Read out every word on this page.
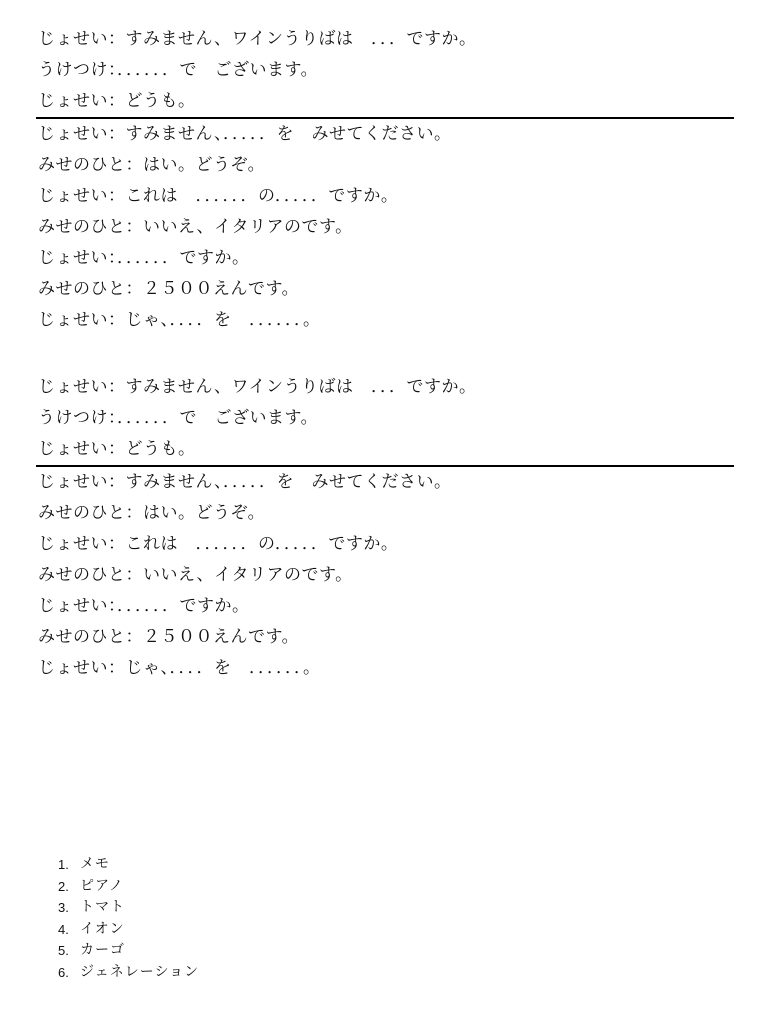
じょせい：すみません、ワインうりばは　．．．ですか。
うけつけ：．．．．．．で　ございます。
じょせい：どうも。
じょせい：すみません、．．．．．を　みせてください。
みせのひと：はい。どうぞ。
じょせい：これは　．．．．．．の．．．．．ですか。
みせのひと：いいえ、イタリアのです。
じょせい：．．．．．．ですか。
みせのひと：２５００えんです。
じょせい：じゃ、．．．．を　．．．．．．。
じょせい：すみません、ワインうりばは　．．．ですか。
うけつけ：．．．．．．で　ございます。
じょせい：どうも。
じょせい：すみません、．．．．．を　みせてください。
みせのひと：はい。どうぞ。
じょせい：これは　．．．．．．の．．．．．ですか。
みせのひと：いいえ、イタリアのです。
じょせい：．．．．．．ですか。
みせのひと：２５００えんです。
じょせい：じゃ、．．．．を　．．．．．．。
1. メモ
2. ピアノ
3. トマト
4. イオン
5. カーゴ
6. ジェネレーション
